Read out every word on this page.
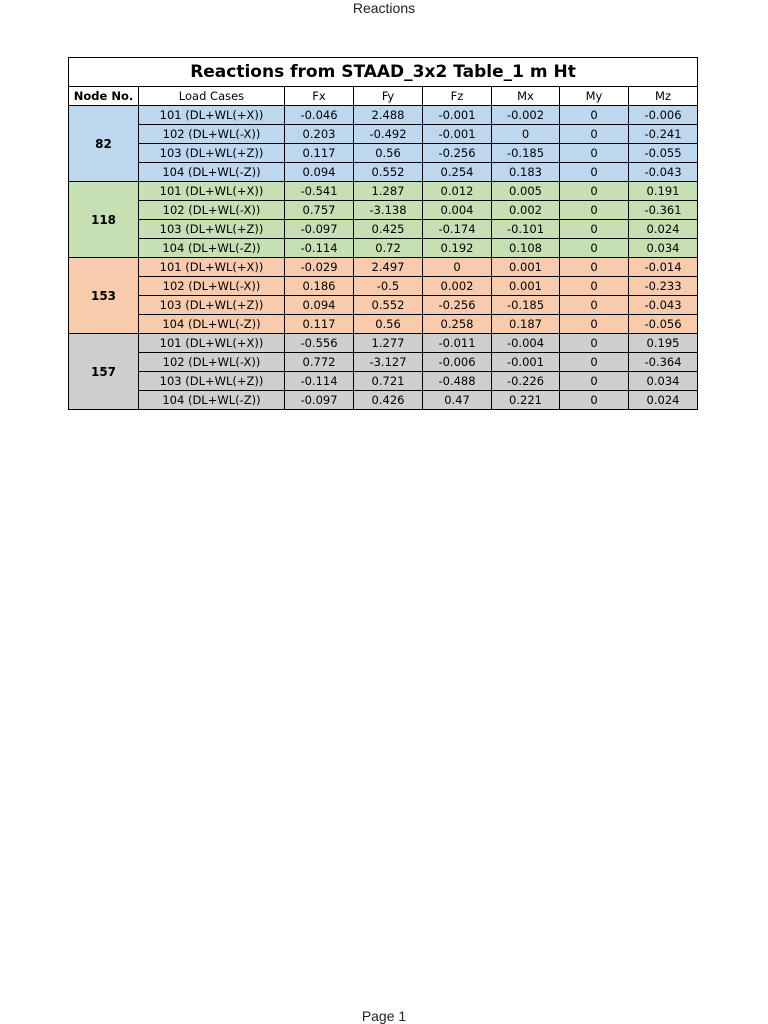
Reactions
Reactions from STAAD_3x2 Table_1 m Ht							
Node No.	Load Cases	Fx	Fy	Fz	Mx	My	Mz
82	101 (DL+WL(+X))	-0.046	2.488	-0.001	-0.002	0	-0.006
	102 (DL+WL(-X))	0.203	-0.492	-0.001	0	0	-0.241
	103 (DL+WL(+Z))	0.117	0.56	-0.256	-0.185	0	-0.055
	104 (DL+WL(-Z))	0.094	0.552	0.254	0.183	0	-0.043
118	101 (DL+WL(+X))	-0.541	1.287	0.012	0.005	0	0.191
	102 (DL+WL(-X))	0.757	-3.138	0.004	0.002	0	-0.361
	103 (DL+WL(+Z))	-0.097	0.425	-0.174	-0.101	0	0.024
	104 (DL+WL(-Z))	-0.114	0.72	0.192	0.108	0	0.034
153	101 (DL+WL(+X))	-0.029	2.497	0	0.001	0	-0.014
	102 (DL+WL(-X))	0.186	-0.5	0.002	0.001	0	-0.233
	103 (DL+WL(+Z))	0.094	0.552	-0.256	-0.185	0	-0.043
	104 (DL+WL(-Z))	0.117	0.56	0.258	0.187	0	-0.056
157	101 (DL+WL(+X))	-0.556	1.277	-0.011	-0.004	0	0.195
	102 (DL+WL(-X))	0.772	-3.127	-0.006	-0.001	0	-0.364
	103 (DL+WL(+Z))	-0.114	0.721	-0.488	-0.226	0	0.034
	104 (DL+WL(-Z))	-0.097	0.426	0.47	0.221	0	0.024
Page 1
